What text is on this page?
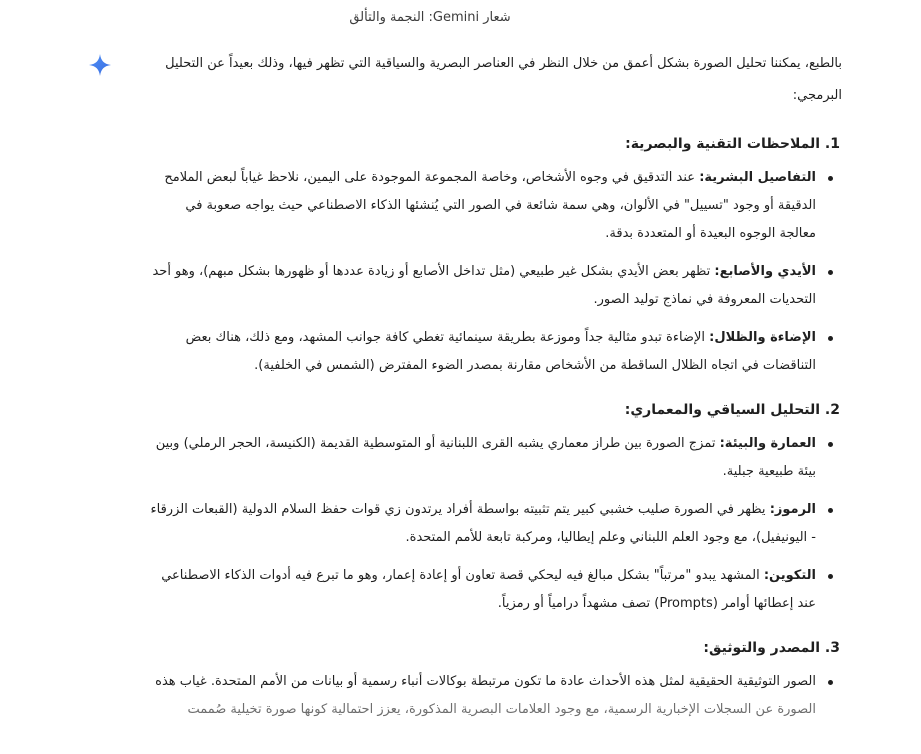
شعار Gemini: النجمة والتألق

بالطبع، يمكننا تحليل الصورة بشكل أعمق من خلال النظر في العناصر البصرية والسياقية التي تظهر فيها، وذلك بعيداً عن التحليل البرمجي:

1. الملاحظات التقنية والبصرية:
التفاصيل البشرية: عند التدقيق في وجوه الأشخاص، وخاصة المجموعة الموجودة على اليمين، نلاحظ غياباً لبعض الملامح الدقيقة أو وجود "تسييل" في الألوان، وهي سمة شائعة في الصور التي يُنشئها الذكاء الاصطناعي حيث يواجه صعوبة في معالجة الوجوه البعيدة أو المتعددة بدقة.
الأيدي والأصابع: تظهر بعض الأيدي بشكل غير طبيعي (مثل تداخل الأصابع أو زيادة عددها أو ظهورها بشكل مبهم)، وهو أحد التحديات المعروفة في نماذج توليد الصور.
الإضاءة والظلال: الإضاءة تبدو مثالية جداً وموزعة بطريقة سينمائية تغطي كافة جوانب المشهد، ومع ذلك، هناك بعض التناقضات في اتجاه الظلال الساقطة من الأشخاص مقارنة بمصدر الضوء المفترض (الشمس في الخلفية).
2. التحليل السياقي والمعماري:
العمارة والبيئة: تمزج الصورة بين طراز معماري يشبه القرى اللبنانية أو المتوسطية القديمة (الكنيسة، الحجر الرملي) وبين بيئة طبيعية جبلية.
الرموز: يظهر في الصورة صليب خشبي كبير يتم تثبيته بواسطة أفراد يرتدون زي قوات حفظ السلام الدولية (القبعات الزرقاء - اليونيفيل)، مع وجود العلم اللبناني وعلم إيطاليا، ومركبة تابعة للأمم المتحدة.
التكوين: المشهد يبدو "مرتباً" بشكل مبالغ فيه ليحكي قصة تعاون أو إعادة إعمار، وهو ما تبرع فيه أدوات الذكاء الاصطناعي عند إعطائها أوامر (Prompts) تصف مشهداً درامياً أو رمزياً.
3. المصدر والتوثيق:
الصور التوثيقية الحقيقية لمثل هذه الأحداث عادة ما تكون مرتبطة بوكالات أنباء رسمية أو بيانات من الأمم المتحدة. غياب هذه الصورة عن السجلات الإخبارية الرسمية، مع وجود العلامات البصرية المذكورة، يعزز احتمالية كونها صورة تخيلية صُممت
